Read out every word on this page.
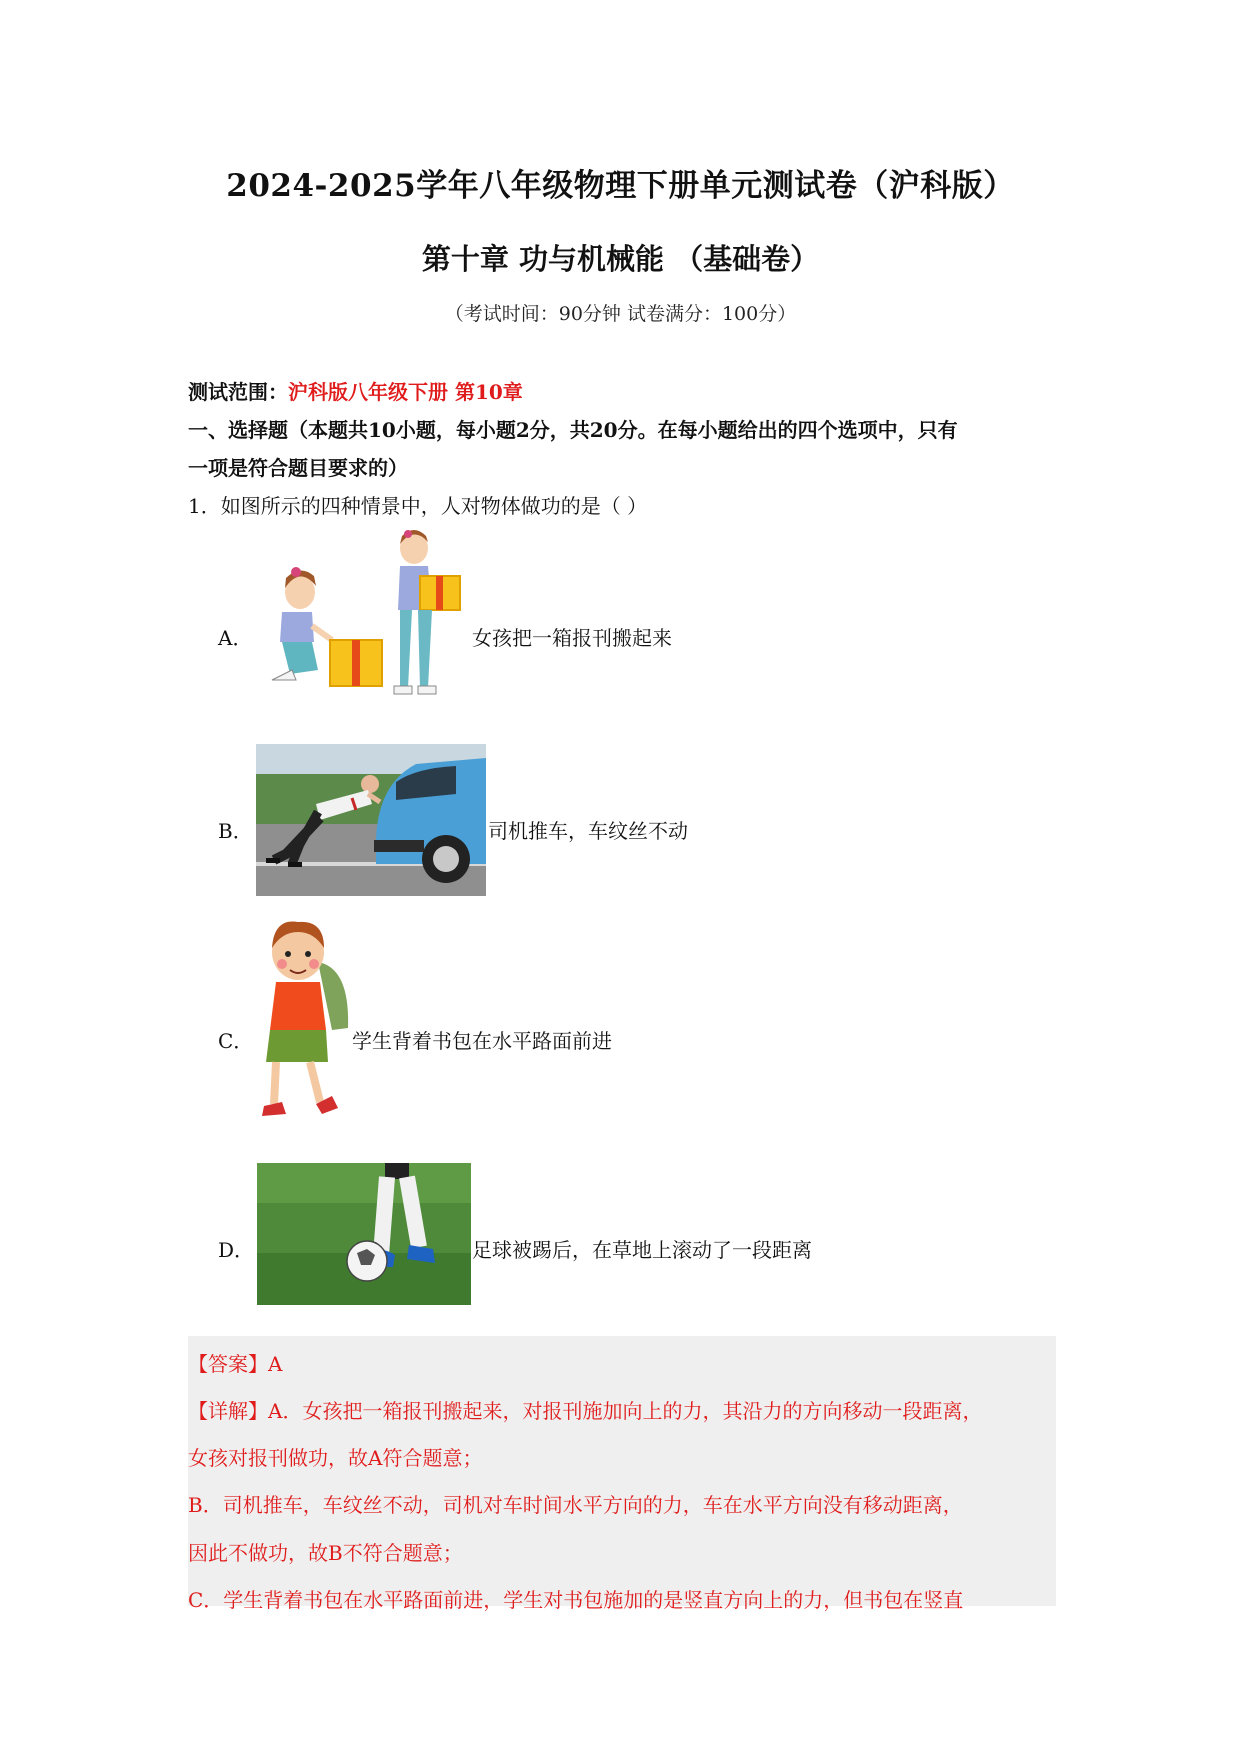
2024-2025学年八年级物理下册单元测试卷（沪科版）
第十章 功与机械能 （基础卷）
（考试时间：90分钟 试卷满分：100分）
测试范围：沪科版八年级下册 第10章
一、选择题（本题共10小题，每小题2分，共20分。在每小题给出的四个选项中，只有
一项是符合题目要求的）
1．如图所示的四种情景中，人对物体做功的是（ ）
A．	女孩把一箱报刊搬起来
B．	司机推车，车纹丝不动
C．	学生背着书包在水平路面前进
D．	足球被踢后，在草地上滚动了一段距离
【答案】A
【详解】A．女孩把一箱报刊搬起来，对报刊施加向上的力，其沿力的方向移动一段距离，
女孩对报刊做功，故A符合题意；
B．司机推车，车纹丝不动，司机对车时间水平方向的力，车在水平方向没有移动距离，
因此不做功，故B不符合题意；
C．学生背着书包在水平路面前进，学生对书包施加的是竖直方向上的力，但书包在竖直
